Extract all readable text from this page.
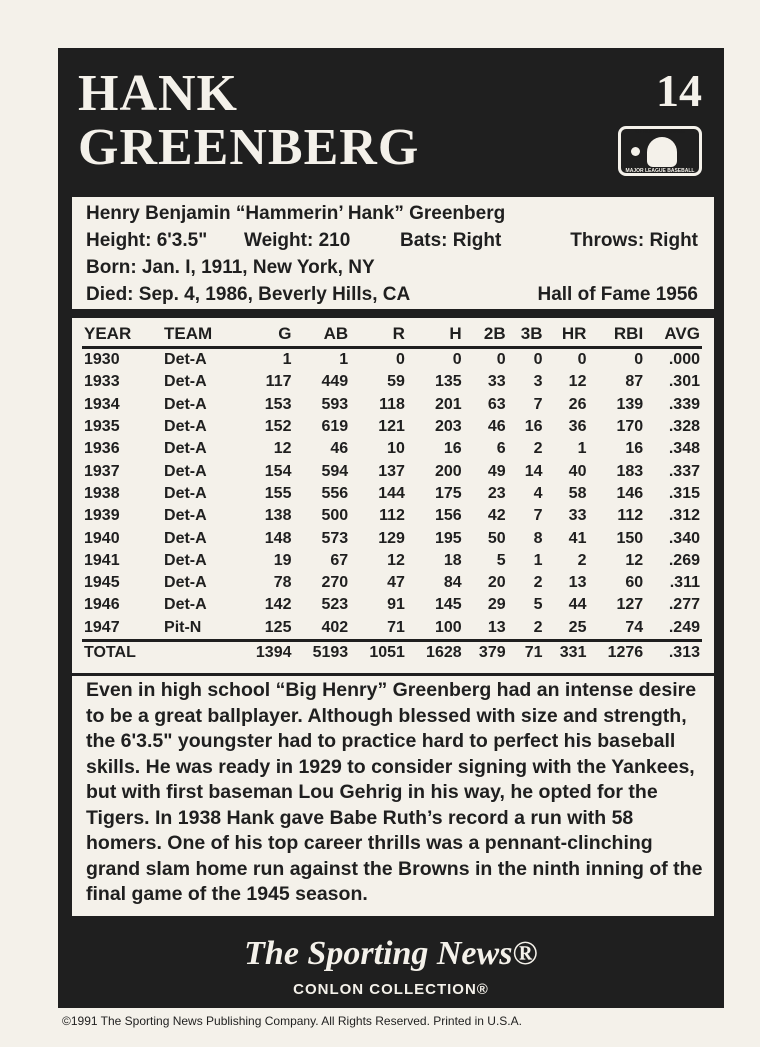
HANK
GREENBERG
14
OFFICIAL LICENSEE
MAJOR LEAGUE BASEBALL
Henry Benjamin “Hammerin’ Hank” Greenberg
Height: 6'3.5" Weight: 210	Bats: Right	Throws: Right
Born: Jan. I, 1911, New York, NY
Died: Sep. 4, 1986, Beverly Hills, CA	Hall of Fame 1956
YEAR	TEAM	G	AB	R	H	2B	3B	HR	RBI	AVG
1930	Det-A	1	1	0	0	0	0	0	0	.000
1933	Det-A	117	449	59	135	33	3	12	87	.301
1934	Det-A	153	593	118	201	63	7	26	139	.339
1935	Det-A	152	619	121	203	46	16	36	170	.328
1936	Det-A	12	46	10	16	6	2	1	16	.348
1937	Det-A	154	594	137	200	49	14	40	183	.337
1938	Det-A	155	556	144	175	23	4	58	146	.315
1939	Det-A	138	500	112	156	42	7	33	112	.312
1940	Det-A	148	573	129	195	50	8	41	150	.340
1941	Det-A	19	67	12	18	5	1	2	12	.269
1945	Det-A	78	270	47	84	20	2	13	60	.311
1946	Det-A	142	523	91	145	29	5	44	127	.277
1947	Pit-N	125	402	71	100	13	2	25	74	.249
TOTAL		1394	5193	1051	1628	379	71	331	1276	.313

Even in high school “Big Henry” Greenberg had an intense desire to be a great ballplayer. Although blessed with size and strength, the 6'3.5" youngster had to practice hard to perfect his baseball skills. He was ready in 1929 to consider signing with the Yankees, but with first baseman Lou Gehrig in his way, he opted for the Tigers. In 1938 Hank gave Babe Ruth’s record a run with 58 homers. One of his top career thrills was a pennant-clinching grand slam home run against the Browns in the ninth inning of the final game of the 1945 season.

The Sporting News®
CONLON COLLECTION®
©1991 The Sporting News Publishing Company. All Rights Reserved. Printed in U.S.A.
